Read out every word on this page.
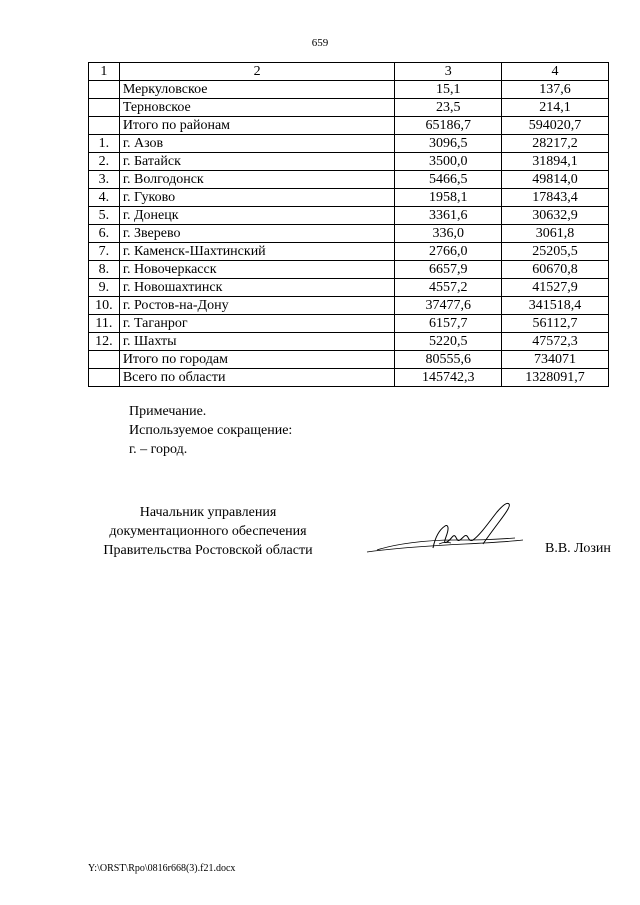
659
1	2	3	4
	Меркуловское	15,1	137,6
	Терновское	23,5	214,1
	Итого по районам	65186,7	594020,7
1.	г. Азов	3096,5	28217,2
2.	г. Батайск	3500,0	31894,1
3.	г. Волгодонск	5466,5	49814,0
4.	г. Гуково	1958,1	17843,4
5.	г. Донецк	3361,6	30632,9
6.	г. Зверево	336,0	3061,8
7.	г. Каменск-Шахтинский	2766,0	25205,5
8.	г. Новочеркасск	6657,9	60670,8
9.	г. Новошахтинск	4557,2	41527,9
10.	г. Ростов-на-Дону	37477,6	341518,4
11.	г. Таганрог	6157,7	56112,7
12.	г. Шахты	5220,5	47572,3
	Итого по городам	80555,6	734071
	Всего по области	145742,3	1328091,7
Примечание.
Используемое сокращение:
г. – город.
Начальник управления
документационного обеспечения
Правительства Ростовской области	В.В. Лозин
Y:\ORST\Rpo\0816r668(3).f21.docx
